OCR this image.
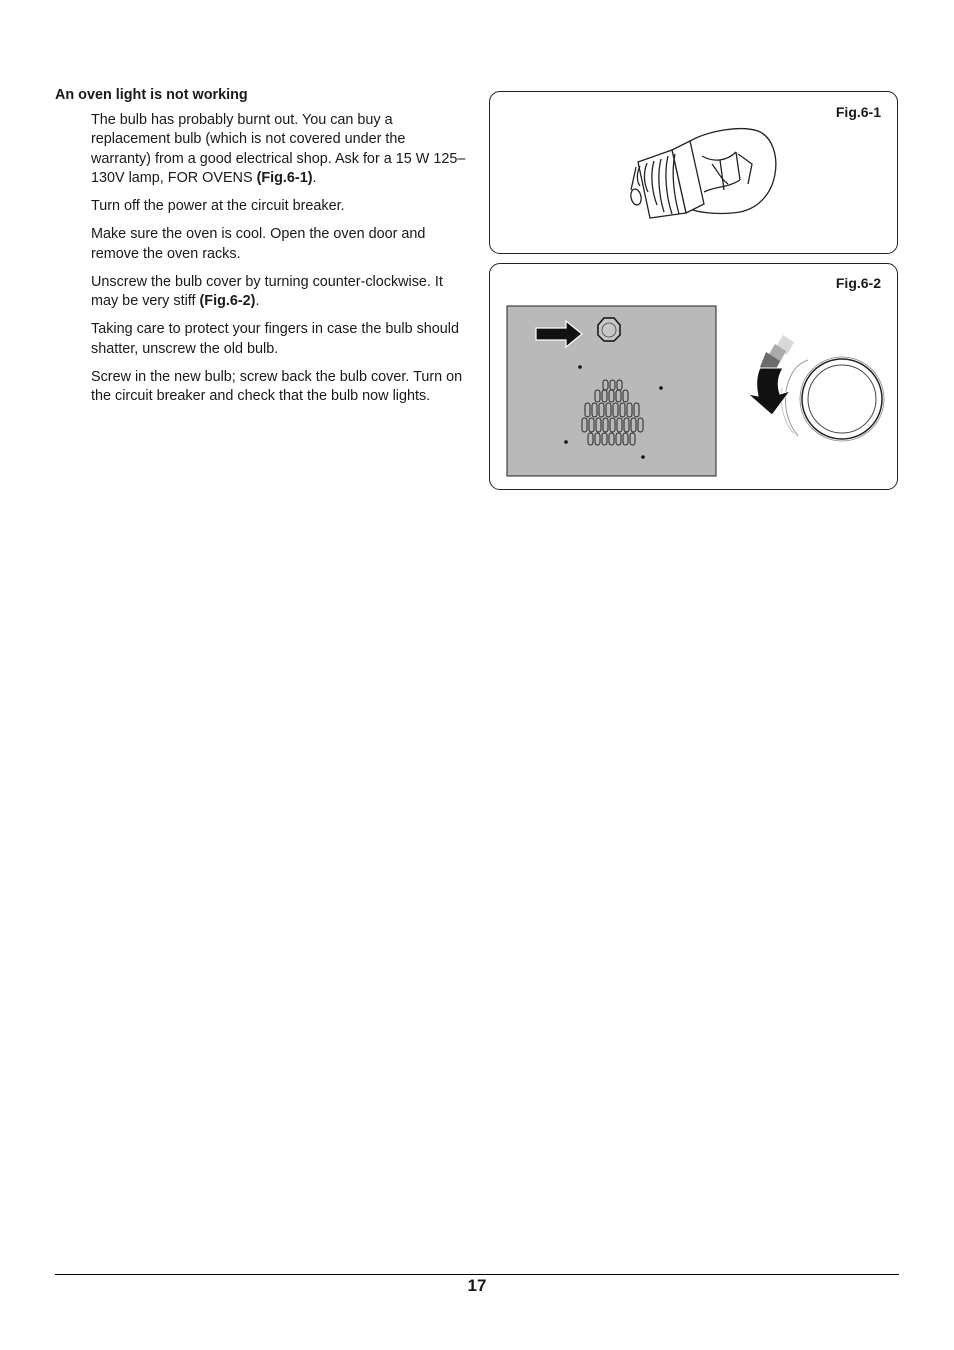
An oven light is not working

The bulb has probably burnt out. You can buy a replacement bulb (which is not covered under the warranty) from a good electrical shop. Ask for a 15 W 125–130V lamp, FOR OVENS (Fig.6-1).

Turn off the power at the circuit breaker.

Make sure the oven is cool. Open the oven door and remove the oven racks.

Unscrew the bulb cover by turning counter-clockwise. It may be very stiff (Fig.6-2).

Taking care to protect your fingers in case the bulb should shatter, unscrew the old bulb.

Screw in the new bulb; screw back the bulb cover. Turn on the circuit breaker and check that the bulb now lights.

Fig.6-1
Fig.6-2
17
